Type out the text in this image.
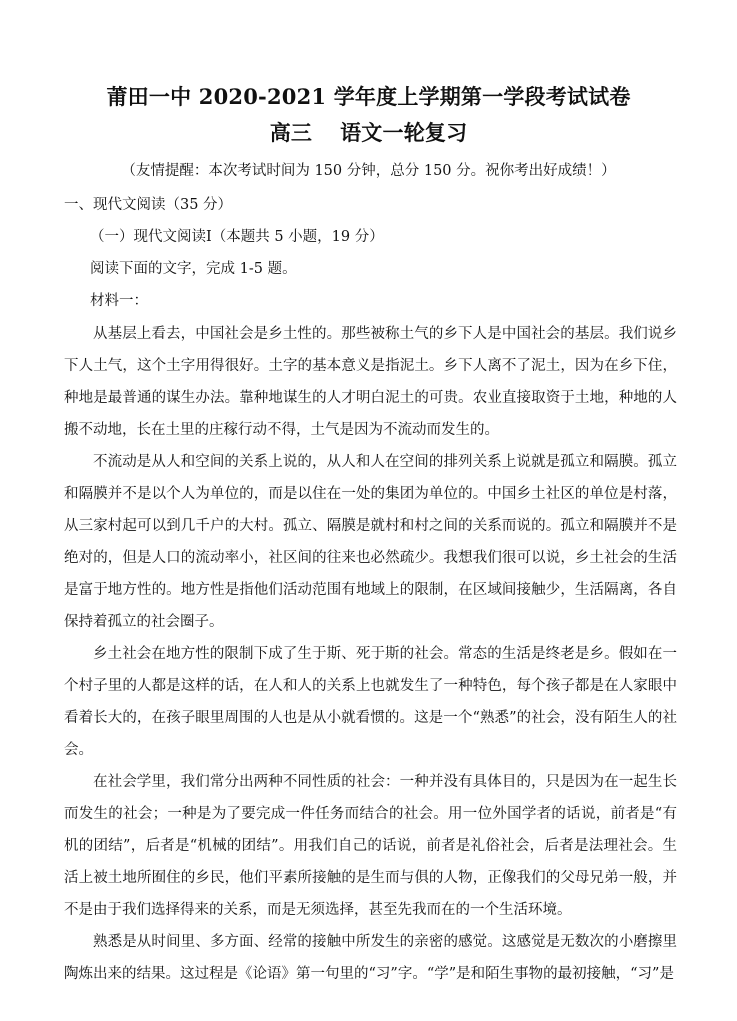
莆田一中 2020-2021 学年度上学期第一学段考试试卷
高三 语文一轮复习
（友情提醒：本次考试时间为 150 分钟，总分 150 分。祝你考出好成绩！）
一、现代文阅读（35 分）
（一）现代文阅读Ⅰ（本题共 5 小题，19 分）
阅读下面的文字，完成 1-5 题。
材料一：

从基层上看去，中国社会是乡土性的。那些被称土气的乡下人是中国社会的基层。我们说乡下人土气，这个土字用得很好。土字的基本意义是指泥土。乡下人离不了泥土，因为在乡下住，种地是最普通的谋生办法。靠种地谋生的人才明白泥土的可贵。农业直接取资于土地，种地的人搬不动地，长在土里的庄稼行动不得，土气是因为不流动而发生的。

不流动是从人和空间的关系上说的，从人和人在空间的排列关系上说就是孤立和隔膜。孤立和隔膜并不是以个人为单位的，而是以住在一处的集团为单位的。中国乡土社区的单位是村落，从三家村起可以到几千户的大村。孤立、隔膜是就村和村之间的关系而说的。孤立和隔膜并不是绝对的，但是人口的流动率小，社区间的往来也必然疏少。我想我们很可以说，乡土社会的生活是富于地方性的。地方性是指他们活动范围有地域上的限制，在区域间接触少，生活隔离，各自保持着孤立的社会圈子。

乡土社会在地方性的限制下成了生于斯、死于斯的社会。常态的生活是终老是乡。假如在一个村子里的人都是这样的话，在人和人的关系上也就发生了一种特色，每个孩子都是在人家眼中看着长大的，在孩子眼里周围的人也是从小就看惯的。这是一个“熟悉”的社会，没有陌生人的社会。

在社会学里，我们常分出两种不同性质的社会：一种并没有具体目的，只是因为在一起生长而发生的社会；一种是为了要完成一件任务而结合的社会。用一位外国学者的话说，前者是“有机的团结”，后者是“机械的团结”。用我们自己的话说，前者是礼俗社会，后者是法理社会。生活上被土地所囿住的乡民，他们平素所接触的是生而与俱的人物，正像我们的父母兄弟一般，并不是由于我们选择得来的关系，而是无须选择，甚至先我而在的一个生活环境。

熟悉是从时间里、多方面、经常的接触中所发生的亲密的感觉。这感觉是无数次的小磨擦里陶炼出来的结果。这过程是《论语》第一句里的“习”字。“学”是和陌生事物的最初接触，“习”是
